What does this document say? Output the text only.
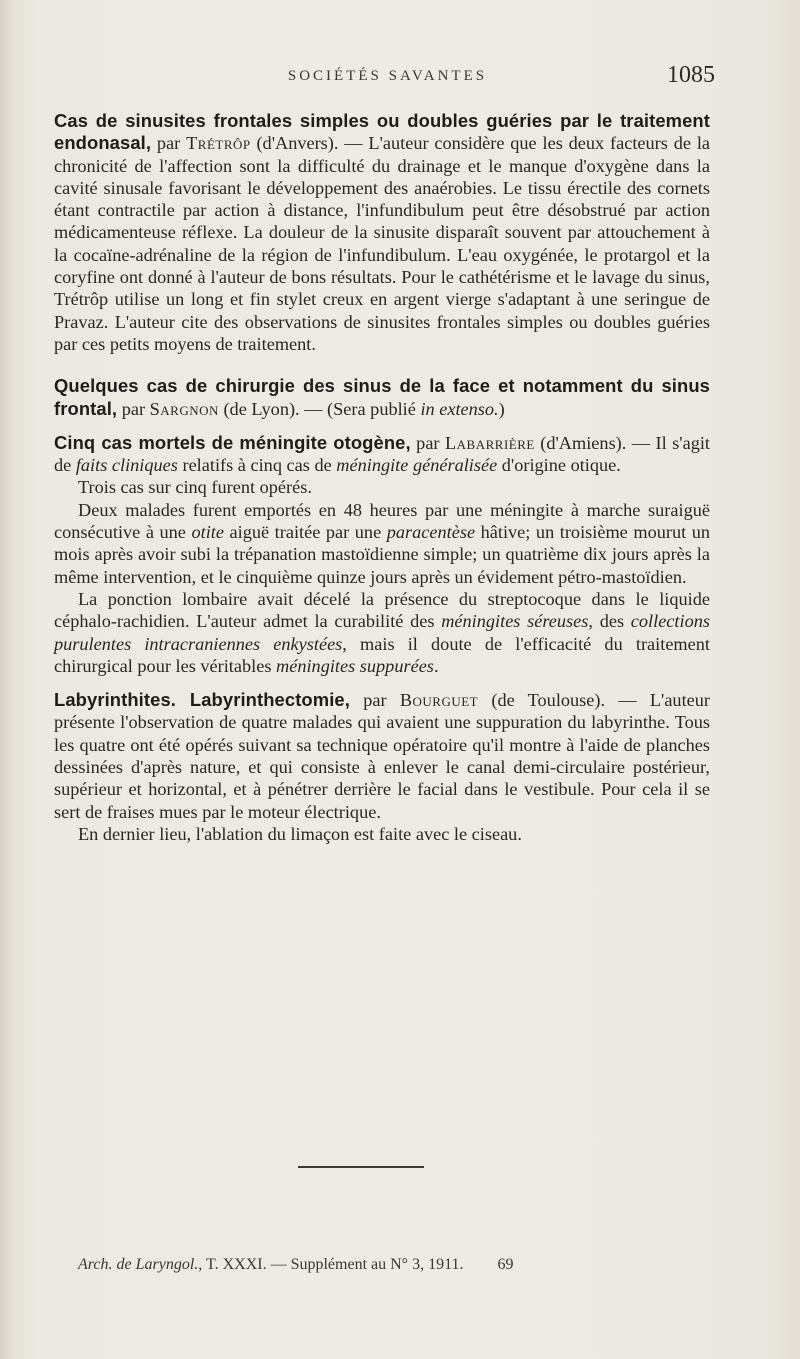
SOCIÉTÉS SAVANTES	1085

Cas de sinusites frontales simples ou doubles guéries par le traitement endonasal, par Trétrôp (d'Anvers). — L'auteur considère que les deux facteurs de la chronicité de l'affection sont la difficulté du drainage et le manque d'oxygène dans la cavité sinusale favorisant le développement des anaérobies. Le tissu érectile des cornets étant contractile par action à distance, l'infundibulum peut être désobstrué par action médicamenteuse réflexe. La douleur de la sinusite disparaît souvent par attouchement à la cocaïne-adrénaline de la région de l'infundibulum. L'eau oxygénée, le protargol et la coryfine ont donné à l'auteur de bons résultats. Pour le cathétérisme et le lavage du sinus, Trétrôp utilise un long et fin stylet creux en argent vierge s'adaptant à une seringue de Pravaz. L'auteur cite des observations de sinusites frontales simples ou doubles guéries par ces petits moyens de traitement.

Quelques cas de chirurgie des sinus de la face et notamment du sinus frontal, par Sargnon (de Lyon). — (Sera publié in extenso.)

Cinq cas mortels de méningite otogène, par Labarrière (d'Amiens). — Il s'agit de faits cliniques relatifs à cinq cas de méningite généralisée d'origine otique.

Trois cas sur cinq furent opérés.

Deux malades furent emportés en 48 heures par une méningite à marche suraiguë consécutive à une otite aiguë traitée par une paracentèse hâtive; un troisième mourut un mois après avoir subi la trépanation mastoïdienne simple; un quatrième dix jours après la même intervention, et le cinquième quinze jours après un évidement pétro-mastoïdien.

La ponction lombaire avait décelé la présence du streptocoque dans le liquide céphalo-rachidien. L'auteur admet la curabilité des méningites séreuses, des collections purulentes intracraniennes enkystées, mais il doute de l'efficacité du traitement chirurgical pour les véritables méningites suppurées.

Labyrinthites. Labyrinthectomie, par Bourguet (de Toulouse). — L'auteur présente l'observation de quatre malades qui avaient une suppuration du labyrinthe. Tous les quatre ont été opérés suivant sa technique opératoire qu'il montre à l'aide de planches dessinées d'après nature, et qui consiste à enlever le canal demi-circulaire postérieur, supérieur et horizontal, et à pénétrer derrière le facial dans le vestibule. Pour cela il se sert de fraises mues par le moteur électrique.

En dernier lieu, l'ablation du limaçon est faite avec le ciseau.

Arch. de Laryngol., T. XXXI. — Supplément au N° 3, 1911. 69
